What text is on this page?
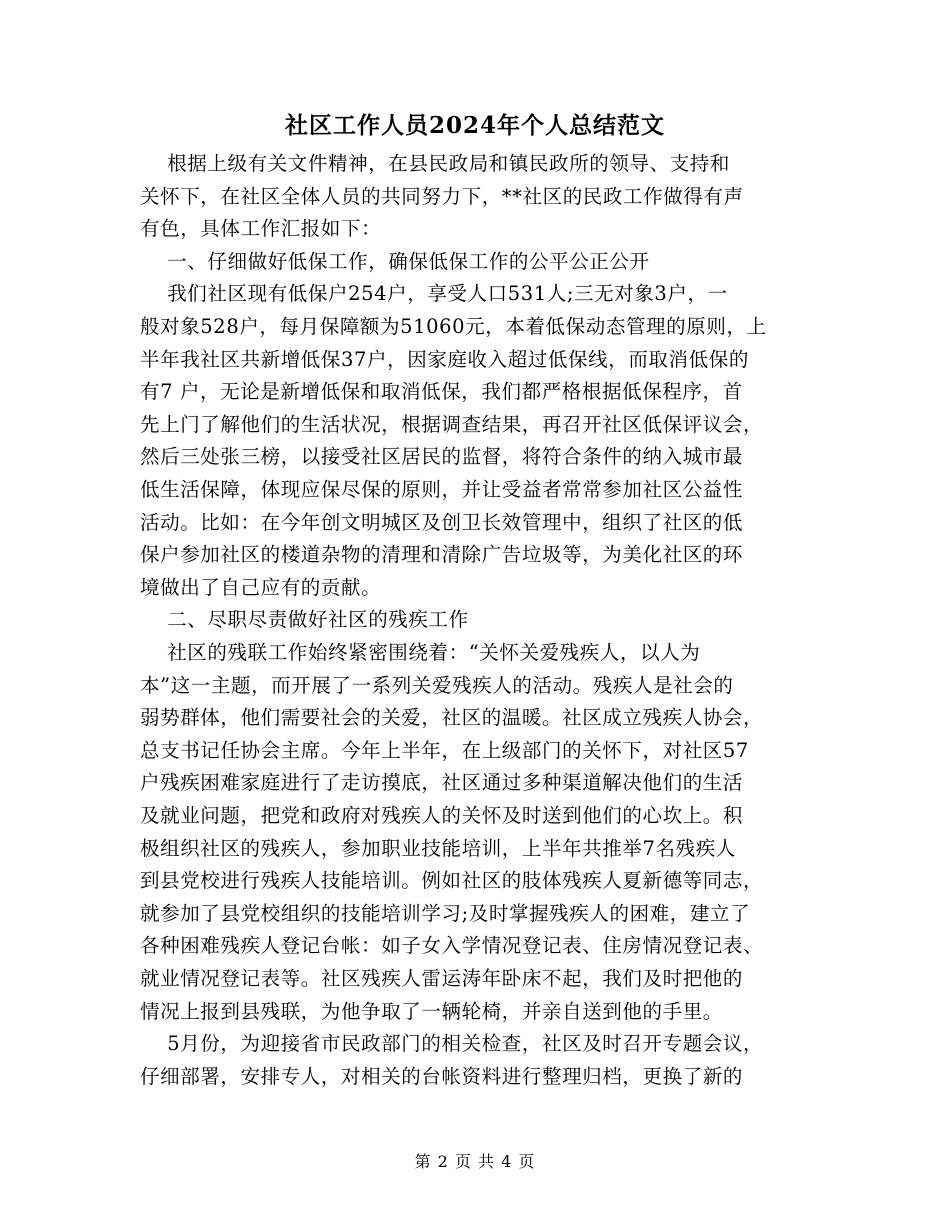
社区工作人员2024年个人总结范文
根据上级有关文件精神，在县民政局和镇民政所的领导、支持和
关怀下，在社区全体人员的共同努力下，**社区的民政工作做得有声
有色，具体工作汇报如下：
一、仔细做好低保工作，确保低保工作的公平公正公开
我们社区现有低保户254户，享受人口531人;三无对象3户，一
般对象528户，每月保障额为51060元，本着低保动态管理的原则，上
半年我社区共新增低保37户，因家庭收入超过低保线，而取消低保的
有7 户，无论是新增低保和取消低保，我们都严格根据低保程序，首
先上门了解他们的生活状况，根据调查结果，再召开社区低保评议会，
然后三处张三榜，以接受社区居民的监督，将符合条件的纳入城市最
低生活保障，体现应保尽保的原则，并让受益者常常参加社区公益性
活动。比如：在今年创文明城区及创卫长效管理中，组织了社区的低
保户参加社区的楼道杂物的清理和清除广告垃圾等，为美化社区的环
境做出了自己应有的贡献。
二、尽职尽责做好社区的残疾工作
社区的残联工作始终紧密围绕着：“关怀关爱残疾人，以人为
本”这一主题，而开展了一系列关爱残疾人的活动。残疾人是社会的
弱势群体，他们需要社会的关爱，社区的温暖。社区成立残疾人协会，
总支书记任协会主席。今年上半年，在上级部门的关怀下，对社区57
户残疾困难家庭进行了走访摸底，社区通过多种渠道解决他们的生活
及就业问题，把党和政府对残疾人的关怀及时送到他们的心坎上。积
极组织社区的残疾人，参加职业技能培训，上半年共推举7名残疾人
到县党校进行残疾人技能培训。例如社区的肢体残疾人夏新德等同志，
就参加了县党校组织的技能培训学习;及时掌握残疾人的困难，建立了
各种困难残疾人登记台帐：如子女入学情况登记表、住房情况登记表、
就业情况登记表等。社区残疾人雷运涛年卧床不起，我们及时把他的
情况上报到县残联，为他争取了一辆轮椅，并亲自送到他的手里。
5月份，为迎接省市民政部门的相关检查，社区及时召开专题会议，
仔细部署，安排专人，对相关的台帐资料进行整理归档，更换了新的
第 2 页 共 4 页
